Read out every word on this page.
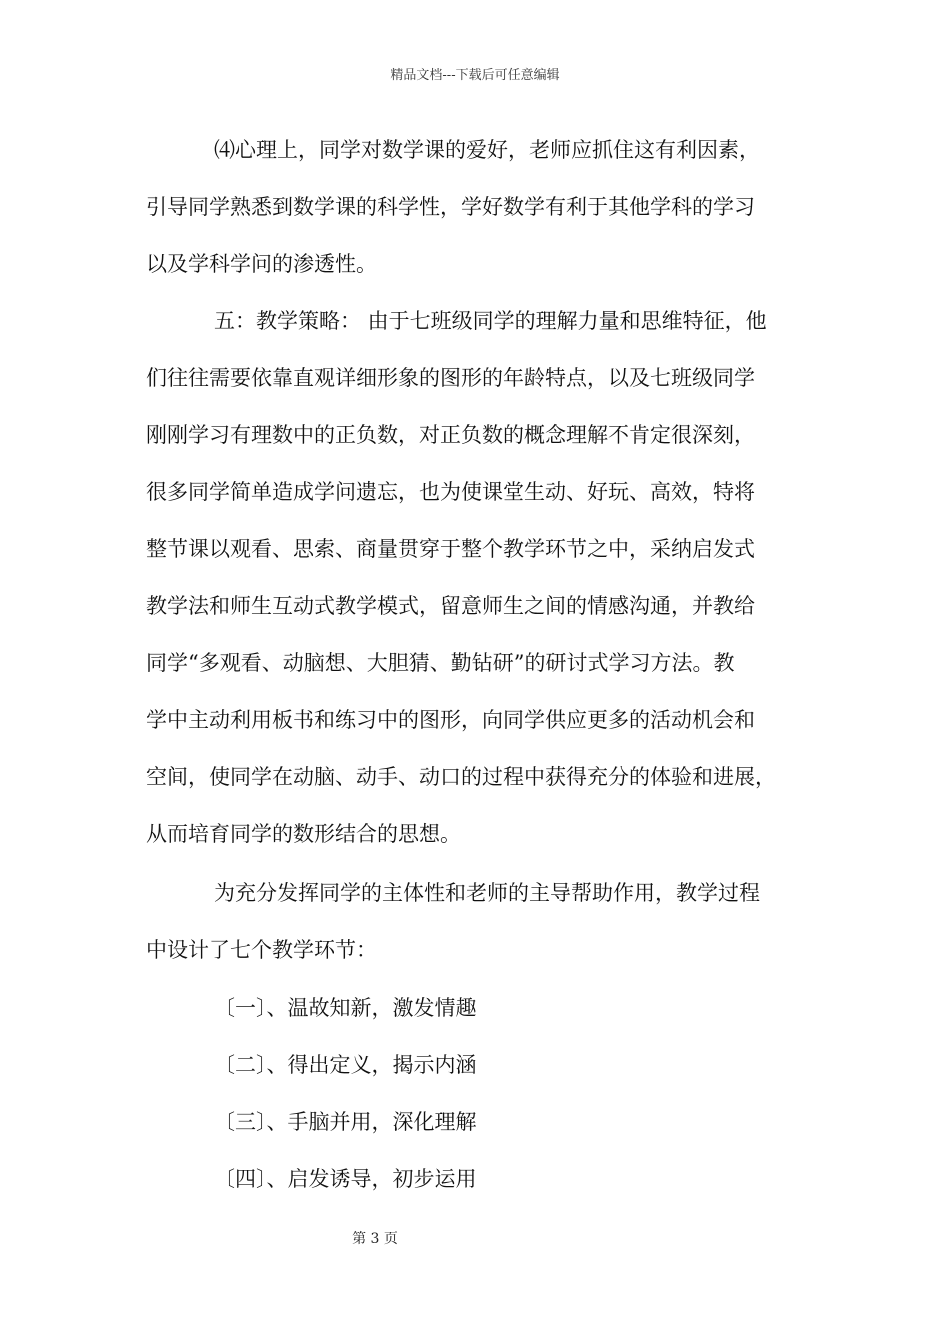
精品文档---下载后可任意编辑
⑷心理上，同学对数学课的爱好，老师应抓住这有利因素，
引导同学熟悉到数学课的科学性，学好数学有利于其他学科的学习
以及学科学问的渗透性。
五：教学策略： 由于七班级同学的理解力量和思维特征，他
们往往需要依靠直观详细形象的图形的年龄特点，以及七班级同学
刚刚学习有理数中的正负数，对正负数的概念理解不肯定很深刻，
很多同学简单造成学问遗忘，也为使课堂生动、好玩、高效，特将
整节课以观看、思索、商量贯穿于整个教学环节之中，采纳启发式
教学法和师生互动式教学模式，留意师生之间的情感沟通，并教给
同学“多观看、动脑想、大胆猜、勤钻研”的研讨式学习方法。教
学中主动利用板书和练习中的图形，向同学供应更多的活动机会和
空间，使同学在动脑、动手、动口的过程中获得充分的体验和进展，
从而培育同学的数形结合的思想。
为充分发挥同学的主体性和老师的主导帮助作用，教学过程
中设计了七个教学环节：
〔一〕、温故知新，激发情趣
〔二〕、得出定义，揭示内涵
〔三〕、手脑并用，深化理解
〔四〕、启发诱导，初步运用
第 3 页
